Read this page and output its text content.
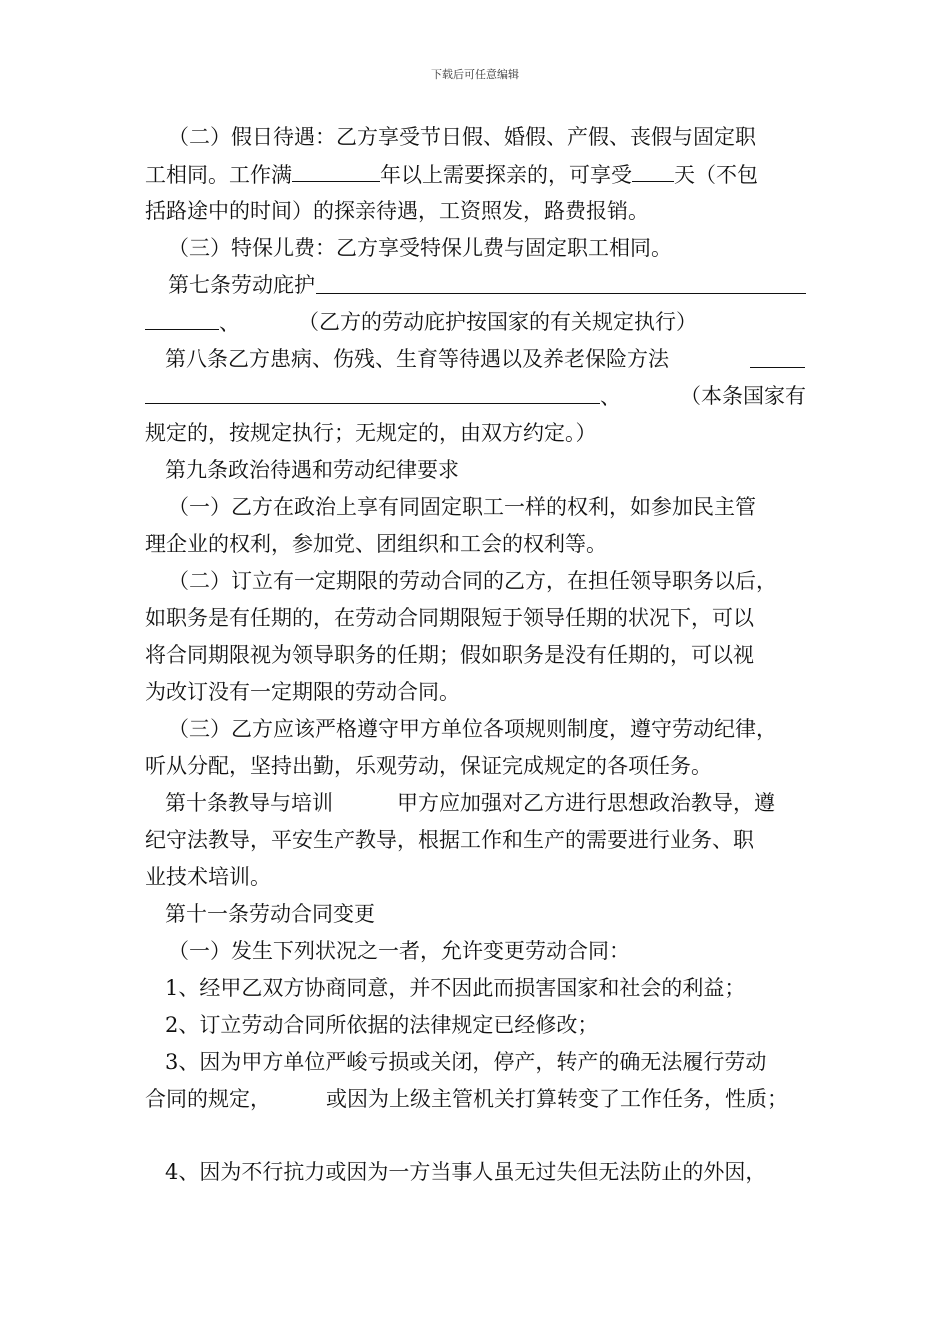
下载后可任意编辑
（二）假日待遇：乙方享受节日假、婚假、产假、丧假与固定职
工相同。工作满	年以上需要探亲的，可享受 天（不包
括路途中的时间）的探亲待遇，工资照发，路费报销。
（三）特保儿费：乙方享受特保儿费与固定职工相同。
第七条劳动庇护
、	（乙方的劳动庇护按国家的有关规定执行）
第八条乙方患病、伤残、生育等待遇以及养老保险方法
、	（本条国家有
规定的，按规定执行；无规定的，由双方约定。）
第九条政治待遇和劳动纪律要求
（一）乙方在政治上享有同固定职工一样的权利，如参加民主管
理企业的权利，参加党、团组织和工会的权利等。
（二）订立有一定期限的劳动合同的乙方，在担任领导职务以后，
如职务是有任期的，在劳动合同期限短于领导任期的状况下，可以
将合同期限视为领导职务的任期；假如职务是没有任期的，可以视
为改订没有一定期限的劳动合同。
（三）乙方应该严格遵守甲方单位各项规则制度，遵守劳动纪律，
听从分配，坚持出勤，乐观劳动，保证完成规定的各项任务。
第十条教导与培训	甲方应加强对乙方进行思想政治教导，遵
纪守法教导，平安生产教导，根据工作和生产的需要进行业务、职
业技术培训。
第十一条劳动合同变更
（一）发生下列状况之一者，允许变更劳动合同：
1、经甲乙双方协商同意，并不因此而损害国家和社会的利益；
2、订立劳动合同所依据的法律规定已经修改；
3、因为甲方单位严峻亏损或关闭，停产，转产的确无法履行劳动
合同的规定，	或因为上级主管机关打算转变了工作任务，性质；
4、因为不行抗力或因为一方当事人虽无过失但无法防止的外因，
